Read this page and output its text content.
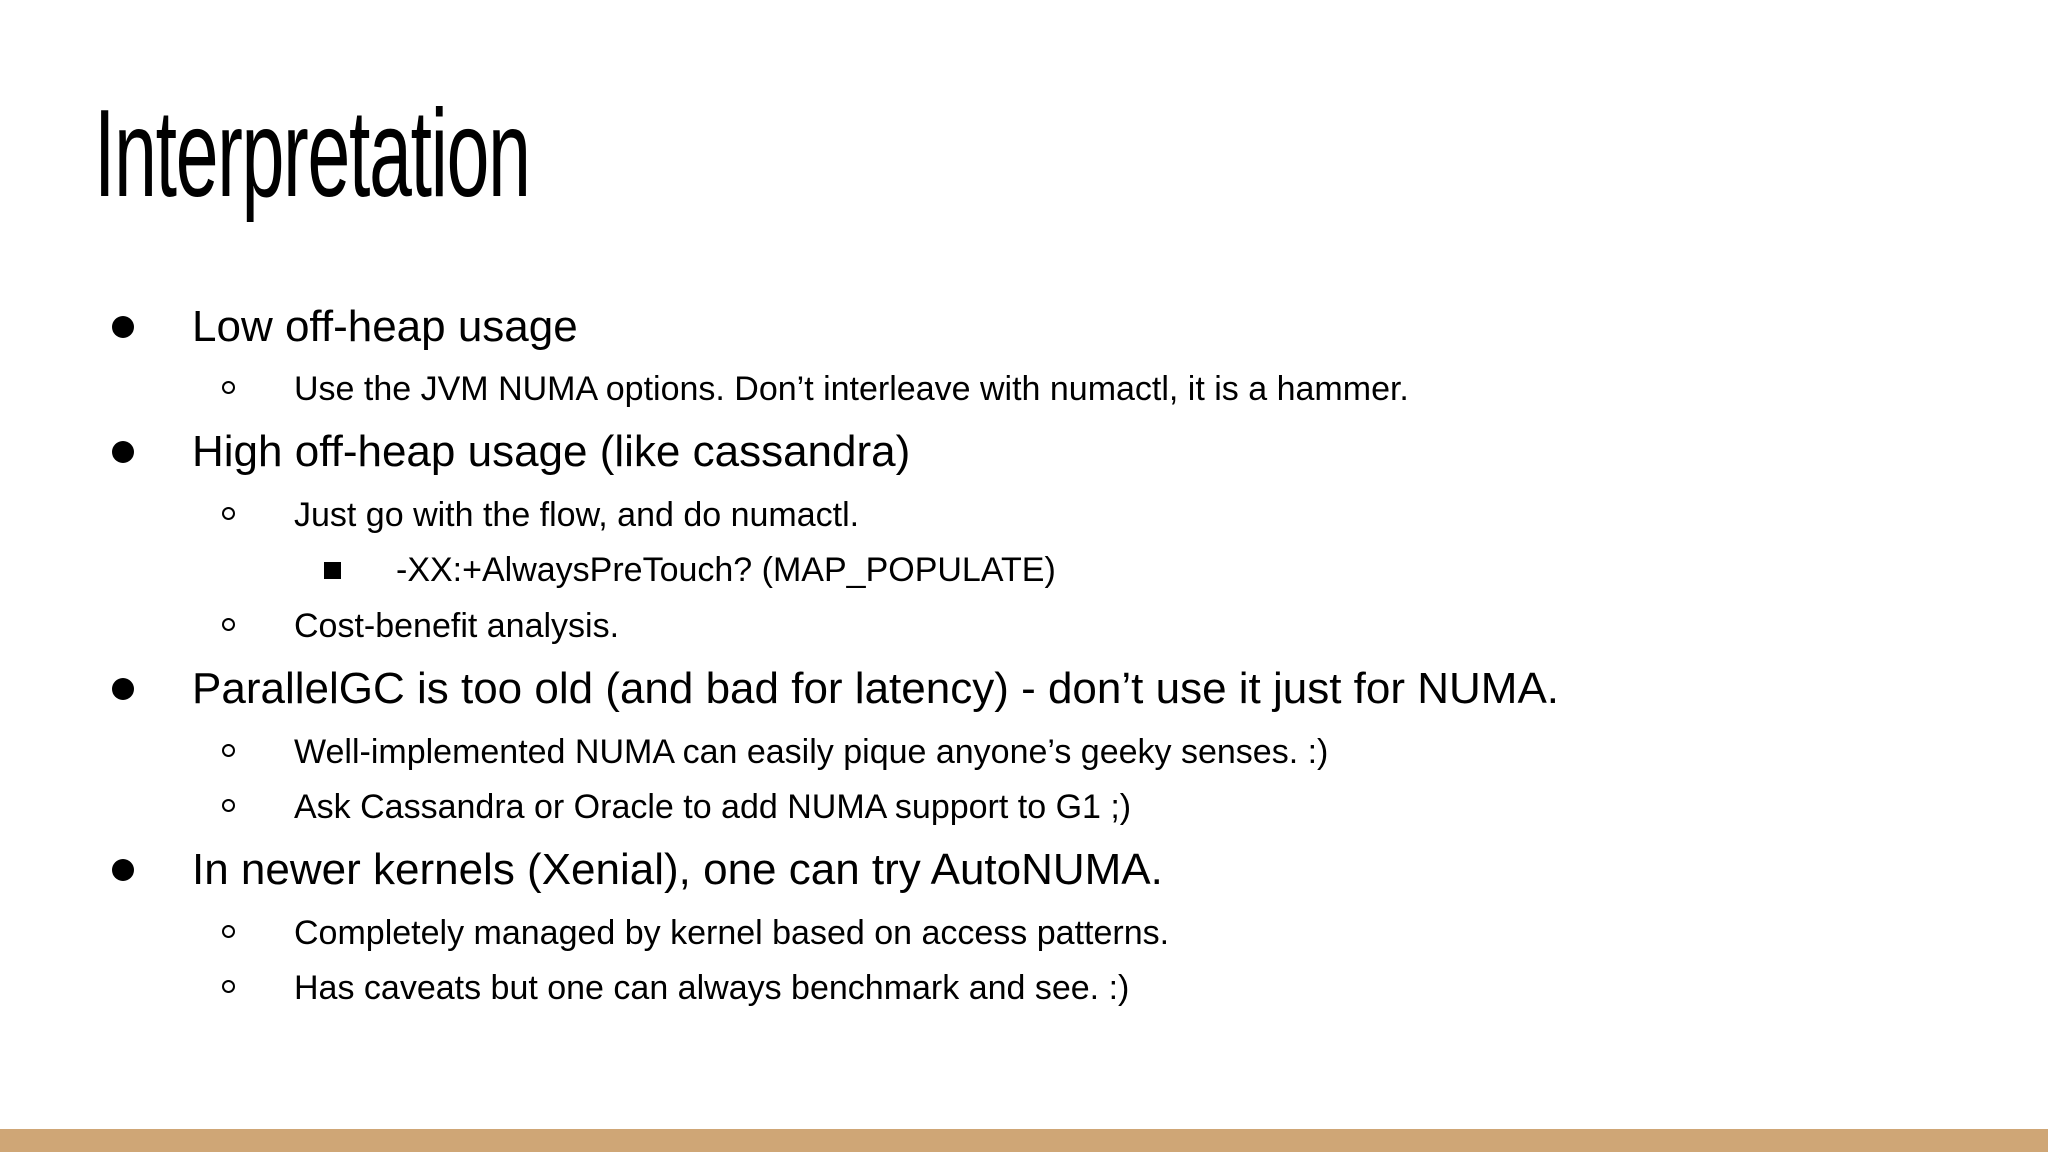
Interpretation
Low off-heap usage
Use the JVM NUMA options. Don’t interleave with numactl, it is a hammer.
High off-heap usage (like cassandra)
Just go with the flow, and do numactl.
-XX:+AlwaysPreTouch? (MAP_POPULATE)
Cost-benefit analysis.
ParallelGC is too old (and bad for latency) - don’t use it just for NUMA.
Well-implemented NUMA can easily pique anyone’s geeky senses. :)
Ask Cassandra or Oracle to add NUMA support to G1 ;)
In newer kernels (Xenial), one can try AutoNUMA.
Completely managed by kernel based on access patterns.
Has caveats but one can always benchmark and see. :)
